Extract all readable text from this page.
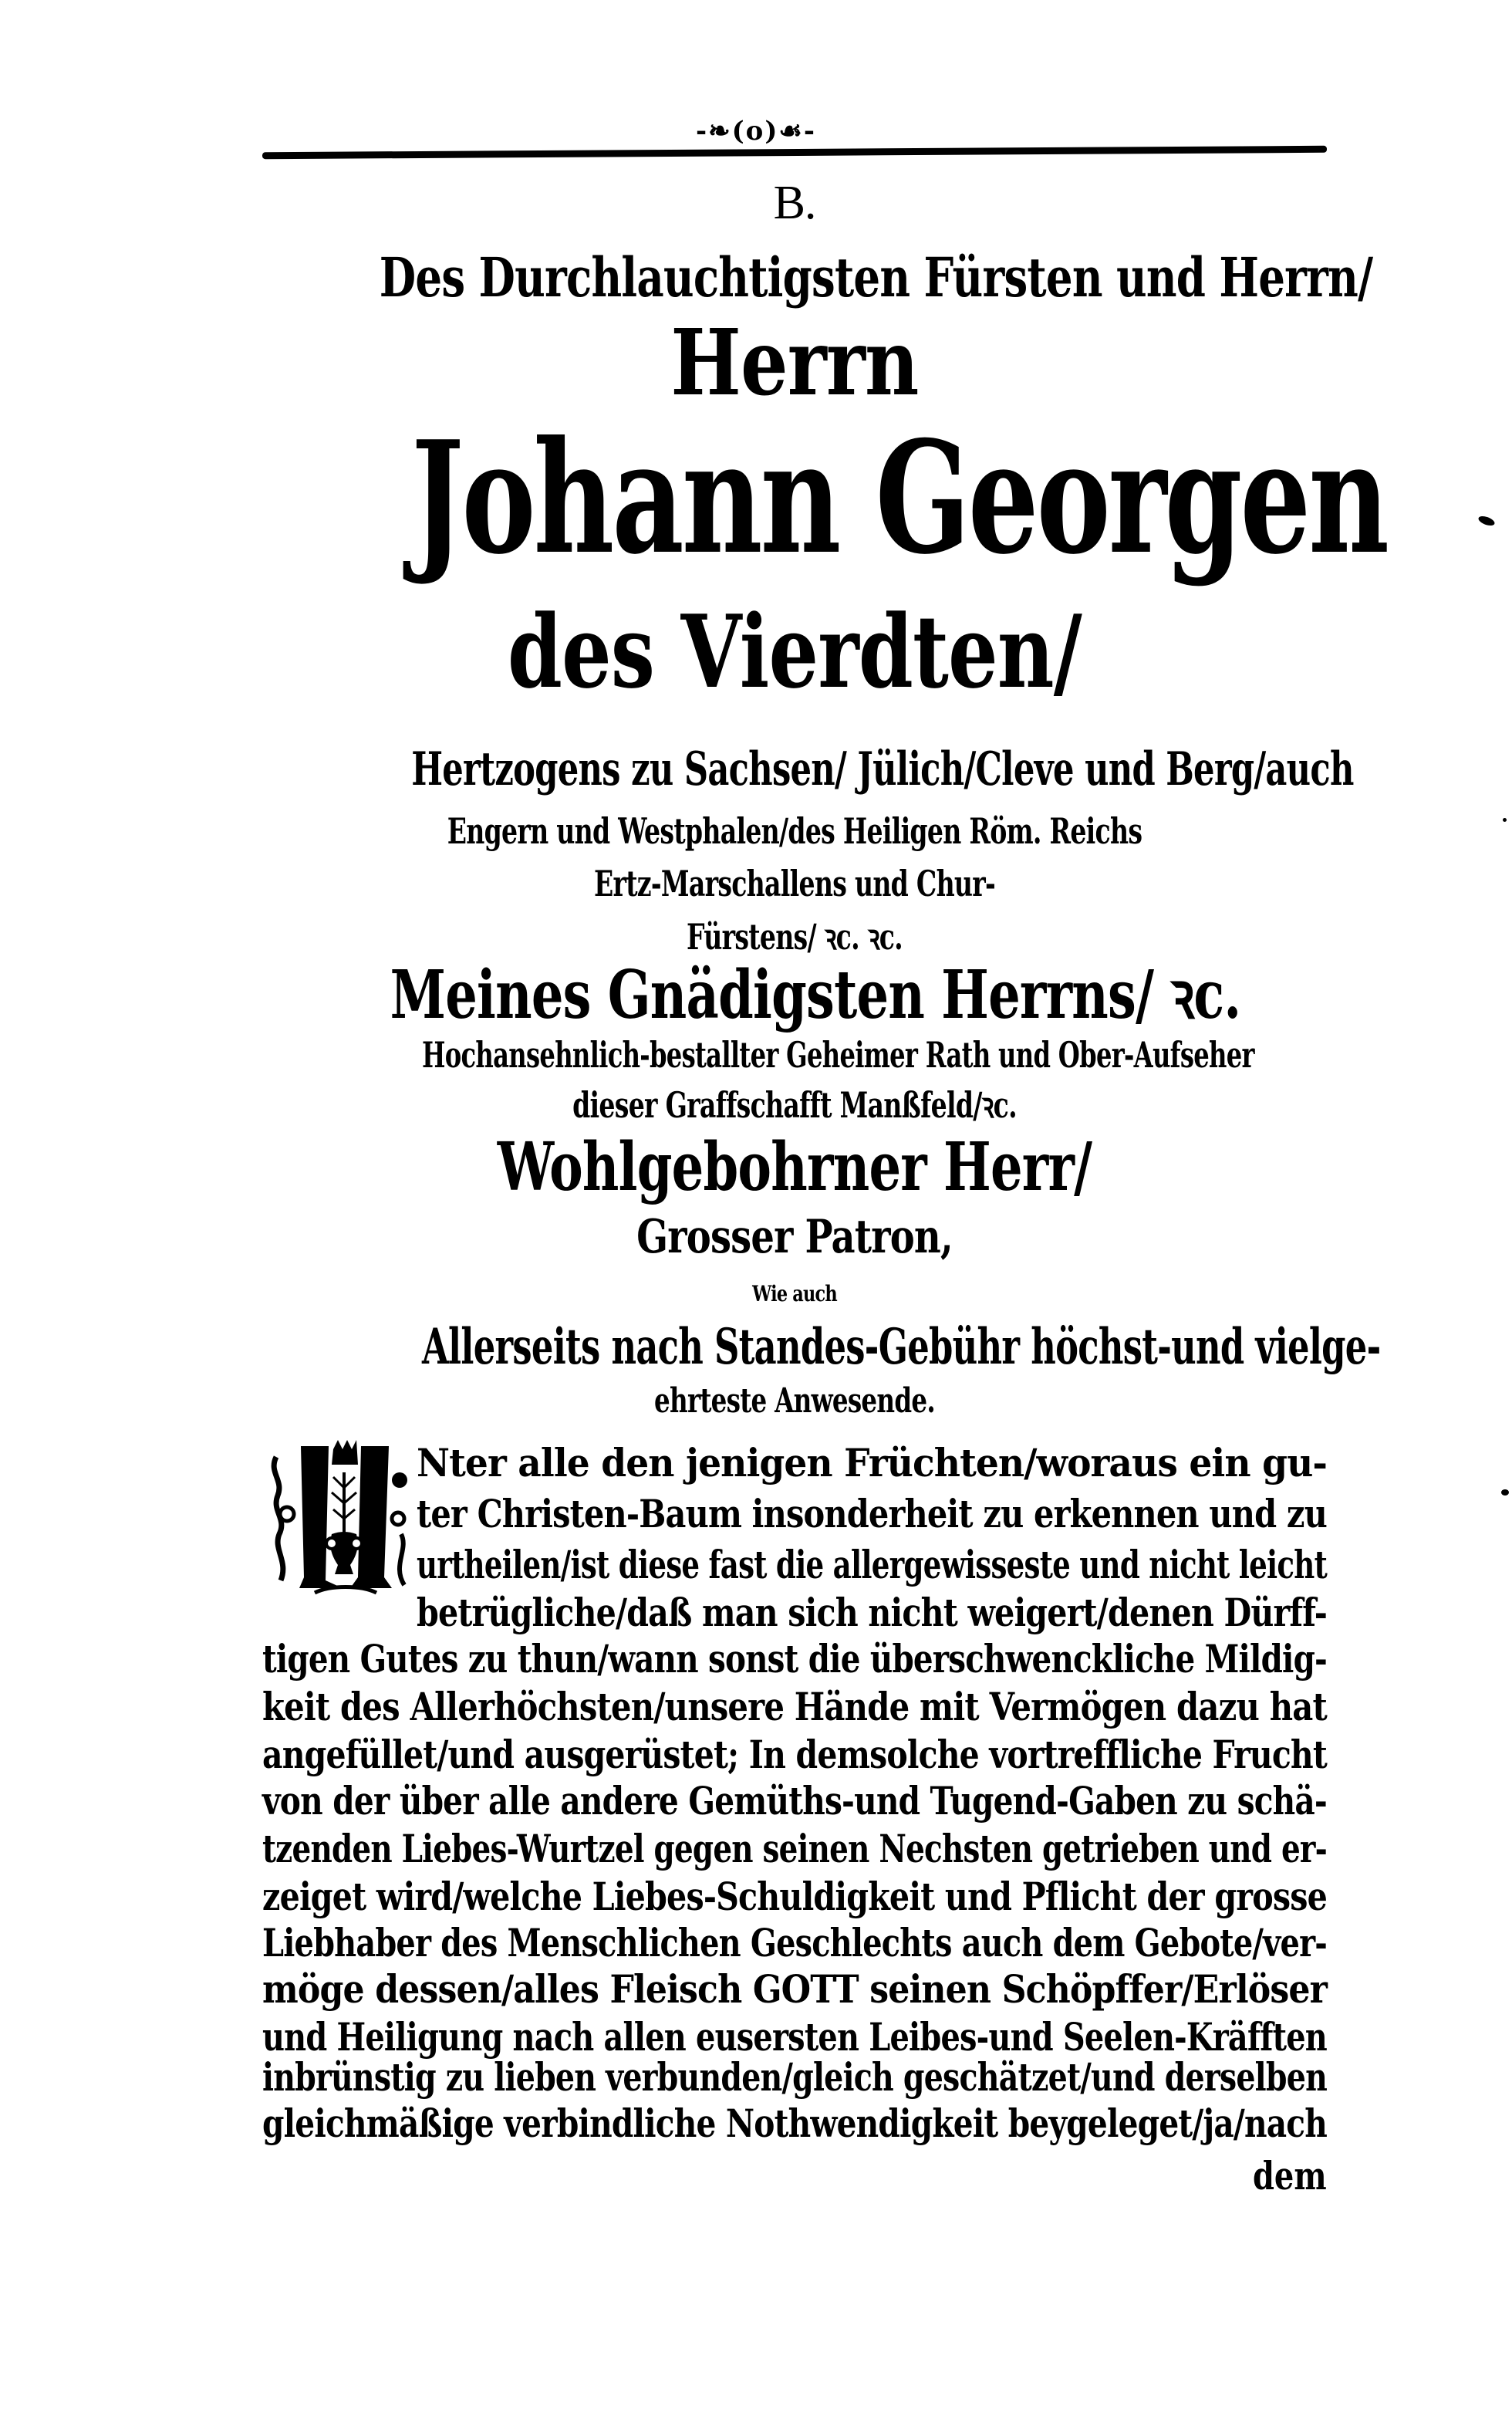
-❧(o)☙-
B.
Des Durchlauchtigsten Fürsten und Herrn/
Herrn
Johann Georgen
des Vierdten/
Hertzogens zu Sachsen/ Jülich/Cleve und Berg/auch
Engern und Westphalen/des Heiligen Röm. Reichs
Ertz-Marschallens und Chur-
Fürstens/ ꝛc. ꝛc.
Meines Gnädigsten Herrns/ ꝛc.
Hochansehnlich-bestallter Geheimer Rath und Ober-Aufseher
dieser Graffschafft Manßfeld/ꝛc.
Wohlgebohrner Herr/
Grosser Patron,
Wie auch
Allerseits nach Standes-Gebühr höchst-und vielge-
ehrteste Anwesende.
Nter alle den jenigen Früchten/woraus ein gu-
ter Christen-Baum insonderheit zu erkennen und zu
urtheilen/ist diese fast die allergewisseste und nicht leicht
betrügliche/daß man sich nicht weigert/denen Dürff-
tigen Gutes zu thun/wann sonst die überschwenckliche Mildig-
keit des Allerhöchsten/unsere Hände mit Vermögen dazu hat
angefüllet/und ausgerüstet; In demsolche vortreffliche Frucht
von der über alle andere Gemüths-und Tugend-Gaben zu schä-
tzenden Liebes-Wurtzel gegen seinen Nechsten getrieben und er-
zeiget wird/welche Liebes-Schuldigkeit und Pflicht der grosse
Liebhaber des Menschlichen Geschlechts auch dem Gebote/ver-
möge dessen/alles Fleisch GOTT seinen Schöpffer/Erlöser
und Heiligung nach allen eusersten Leibes-und Seelen-Kräfften
inbrünstig zu lieben verbunden/gleich geschätzet/und derselben
gleichmäßige verbindliche Nothwendigkeit beygeleget/ja/nach
dem
